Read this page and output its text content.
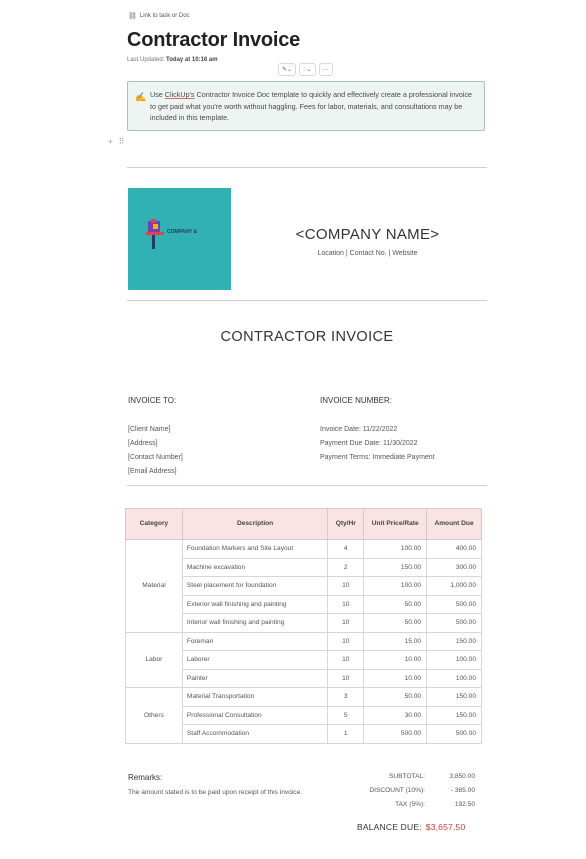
⛓ Link to task or Doc
Contractor Invoice
Last Updated: Today at 10:16 am
✎⌄ ◌⌄ ···
✍ Use ClickUp's Contractor Invoice Doc template to quickly and effectively create a professional invoice to get paid what you're worth without haggling. Fees for labor, materials, and consultations may be included in this template.
+ ⠿
COMPANY &	<COMPANY NAME>
Location | Contact No. | Website
CONTRACTOR INVOICE
INVOICE TO:
[Client Name]
[Address]
[Contact Number]
[Email Address]
INVOICE NUMBER:
Invoice Date: 11/22/2022
Payment Due Date: 11/30/2022
Payment Terms: Immediate Payment
Category	Description	Qty/Hr	Unit Price/Rate	Amount Due
Material	Foundation Markers and Site Layout	4	100.00	400.00
	Machine excavation	2	150.00	300.00
	Steel placement for foundation	10	100.00	1,000.00
	Exterior wall finishing and painting	10	50.00	500.00
	Interior wall finishing and painting	10	50.00	500.00
Labor	Foreman	10	15.00	150.00
	Laborer	10	10.00	100.00
	Painter	10	10.00	100.00
Others	Material Transportation	3	50.00	150.00
	Professional Consultation	5	30.00	150.00
	Staff Accommodation	1	500.00	500.00
Remarks:
The amount stated is to be paid upon receipt of this invoice.
SUBTOTAL:	3,850.00
DISCOUNT (10%):	- 385.00
TAX (5%):	192.50
BALANCE DUE: $3,657.50
